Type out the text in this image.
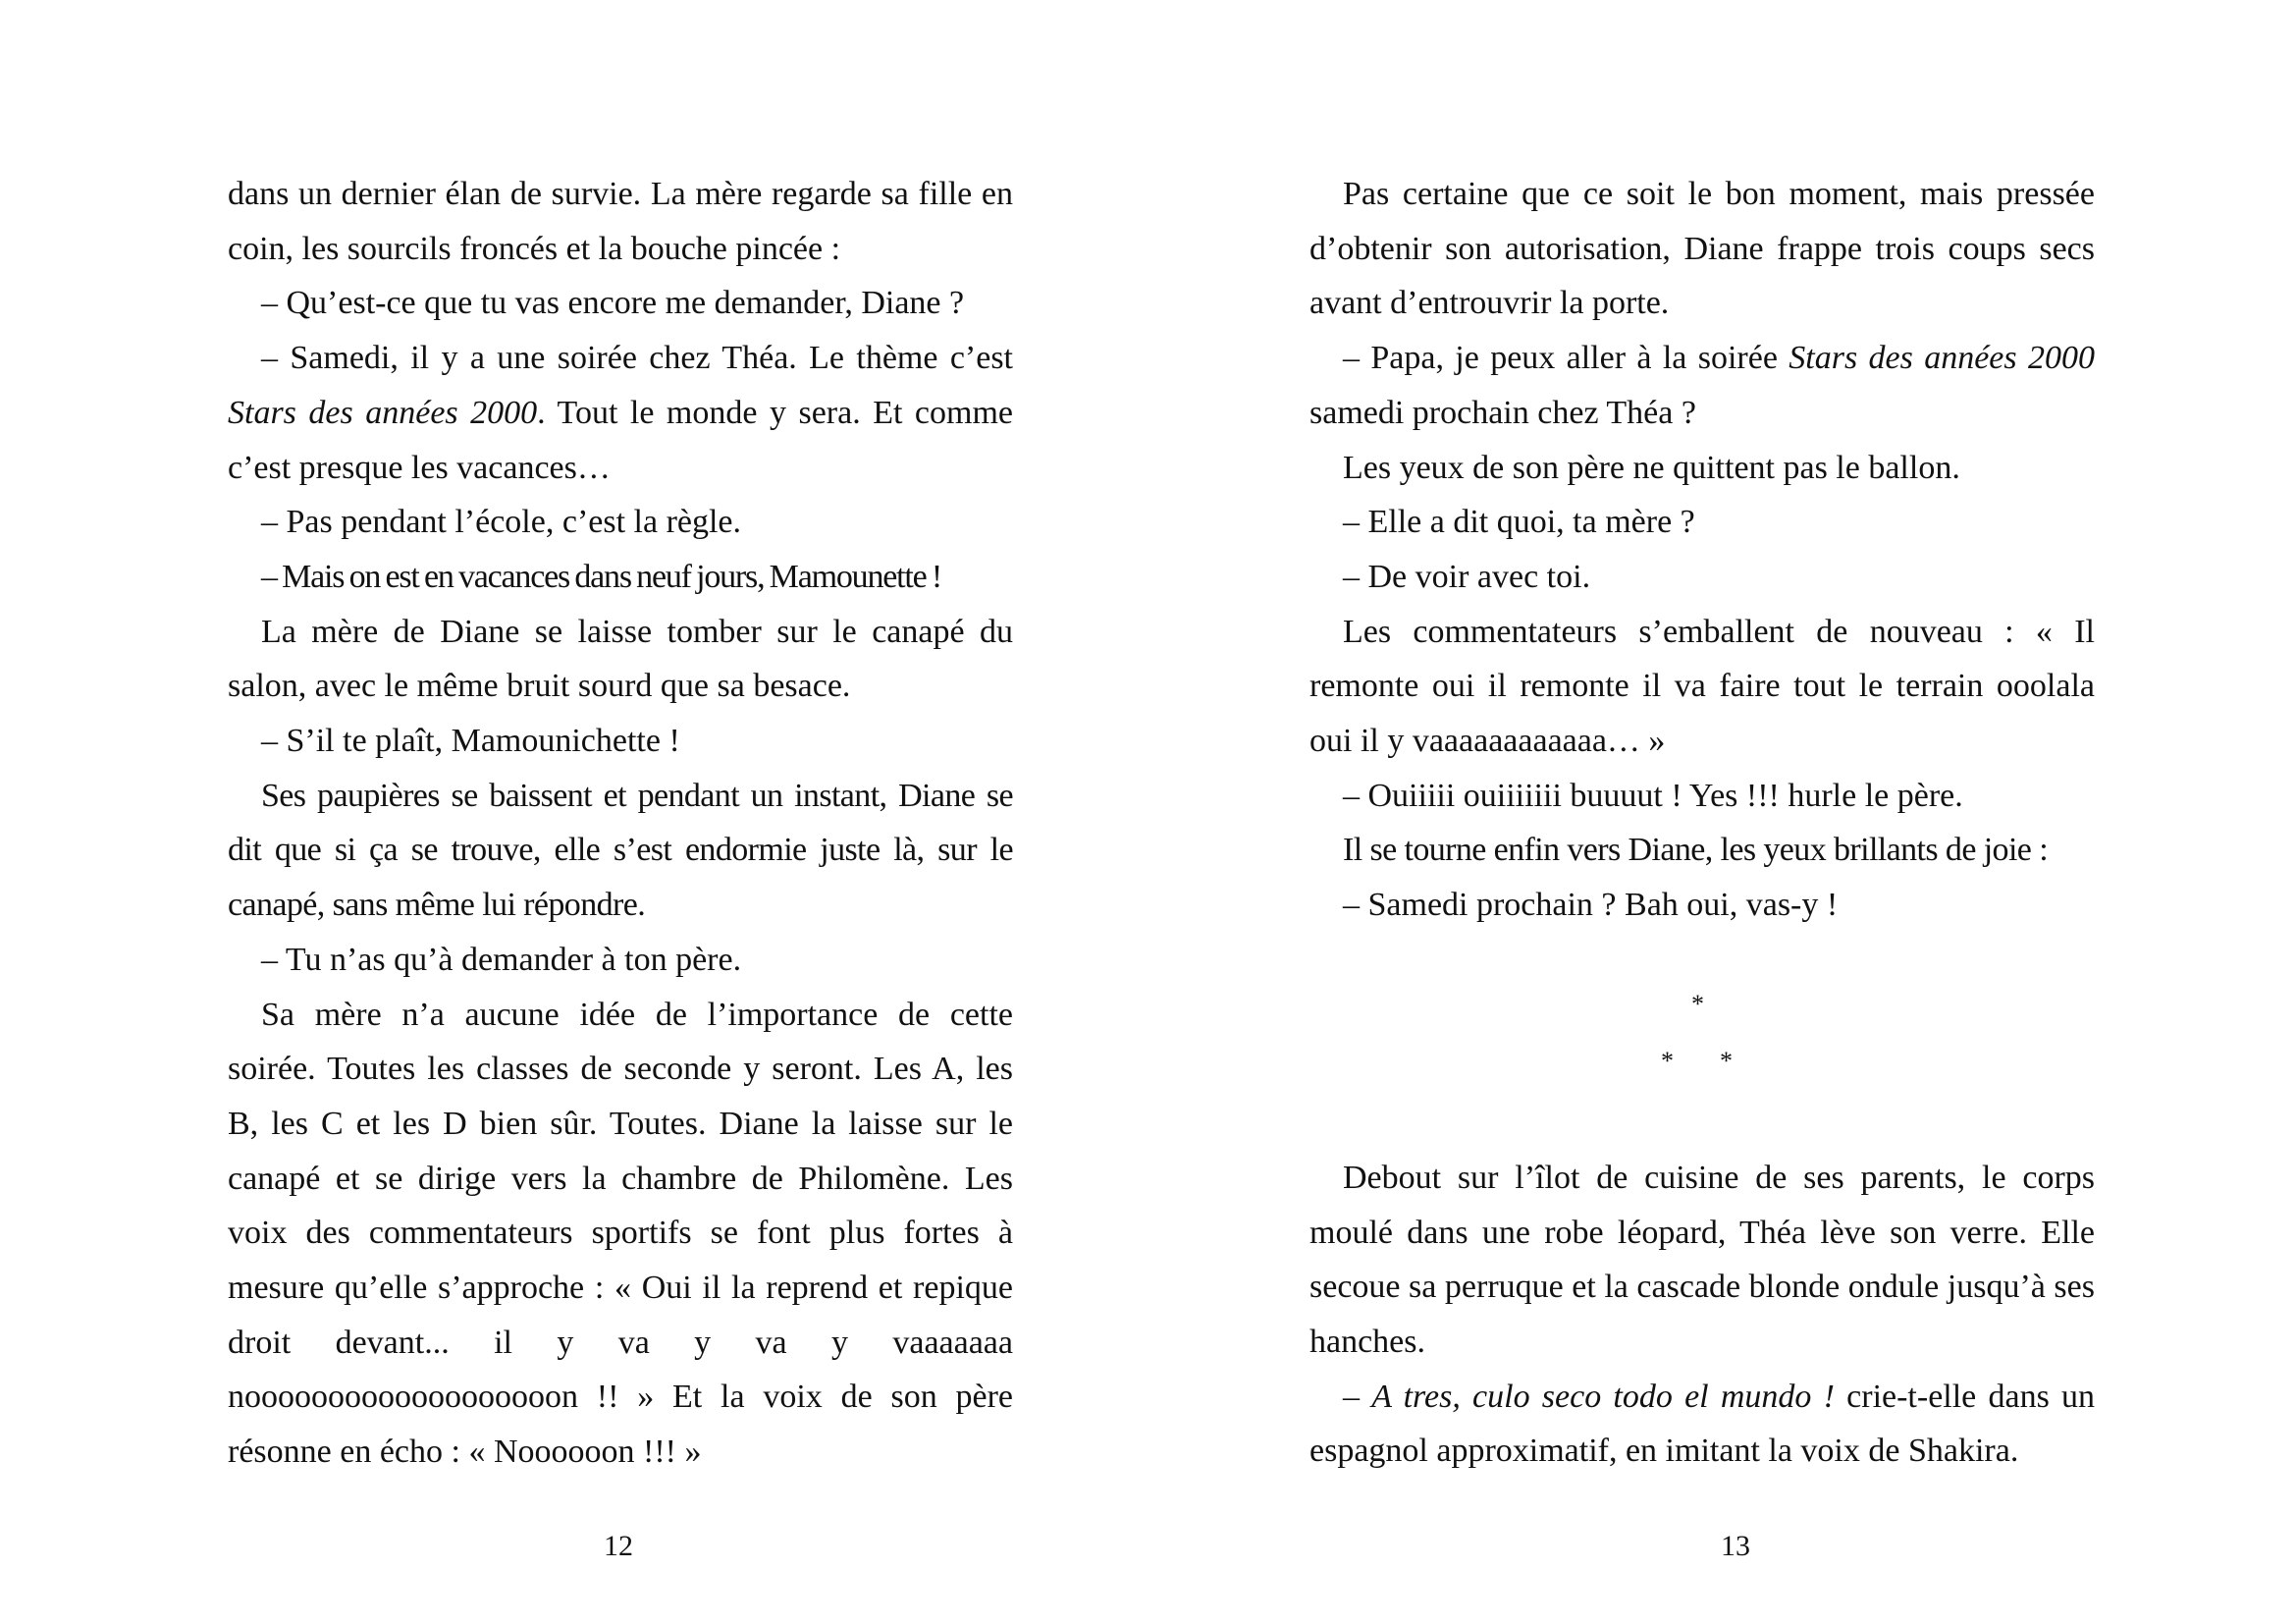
dans un dernier élan de survie. La mère regarde sa fille en coin, les sourcils froncés et la bouche pincée :

– Qu’est-ce que tu vas encore me demander, Diane ?

– Samedi, il y a une soirée chez Théa. Le thème c’est Stars des années 2000. Tout le monde y sera. Et comme c’est presque les vacances…

– Pas pendant l’école, c’est la règle.

– Mais on est en vacances dans neuf jours, Mamounette !

La mère de Diane se laisse tomber sur le canapé du salon, avec le même bruit sourd que sa besace.

– S’il te plaît, Mamounichette !

Ses paupières se baissent et pendant un instant, Diane se dit que si ça se trouve, elle s’est endormie juste là, sur le canapé, sans même lui répondre.

– Tu n’as qu’à demander à ton père.

Sa mère n’a aucune idée de l’importance de cette soirée. Toutes les classes de seconde y seront. Les A, les B, les C et les D bien sûr. Toutes. Diane la laisse sur le canapé et se dirige vers la chambre de Philomène. Les voix des commentateurs sportifs se font plus fortes à mesure qu’elle s’approche : « Oui il la reprend et repique droit devant... il y va y va y vaaaaaaa nooooooooooooooooooon !! » Et la voix de son père résonne en écho : « Noooooon !!! »

12

Pas certaine que ce soit le bon moment, mais pressée d’obtenir son autorisation, Diane frappe trois coups secs avant d’entrouvrir la porte.

– Papa, je peux aller à la soirée Stars des années 2000 samedi prochain chez Théa ?

Les yeux de son père ne quittent pas le ballon.

– Elle a dit quoi, ta mère ?

– De voir avec toi.

Les commentateurs s’emballent de nouveau : « Il remonte oui il remonte il va faire tout le terrain ooolala oui il y vaaaaaaaaaaaa… »

– Ouiiiii ouiiiiiii buuuut ! Yes !!! hurle le père.

Il se tourne enfin vers Diane, les yeux brillants de joie :

– Samedi prochain ? Bah oui, vas-y !

*
* *

Debout sur l’îlot de cuisine de ses parents, le corps moulé dans une robe léopard, Théa lève son verre. Elle secoue sa perruque et la cascade blonde ondule jusqu’à ses hanches.

– A tres, culo seco todo el mundo ! crie-t-elle dans un espagnol approximatif, en imitant la voix de Shakira.

13
